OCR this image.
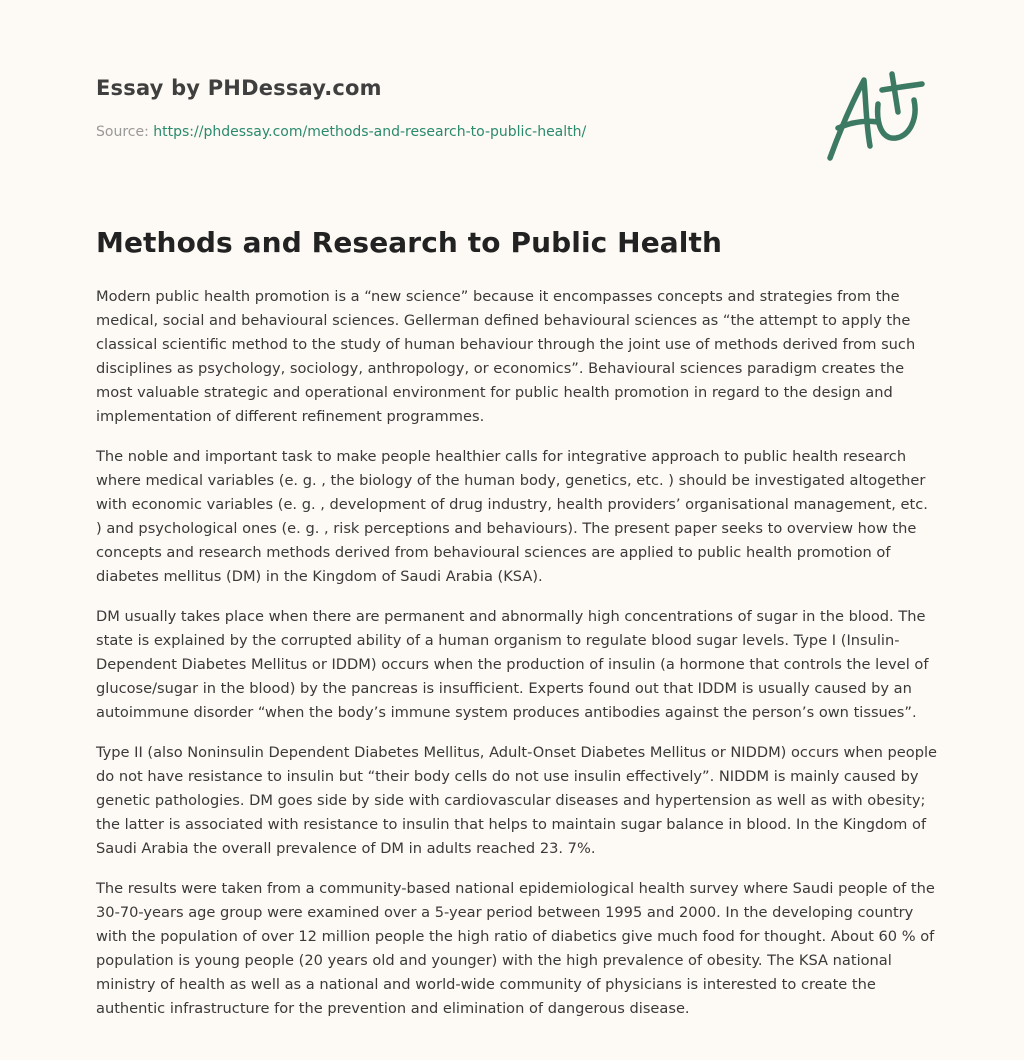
Essay by PHDessay.com
Source: https://phdessay.com/methods-and-research-to-public-health/
Methods and Research to Public Health

Modern public health promotion is a “new science” because it encompasses concepts and strategies from the medical, social and behavioural sciences. Gellerman defined behavioural sciences as “the attempt to apply the classical scientific method to the study of human behaviour through the joint use of methods derived from such disciplines as psychology, sociology, anthropology, or economics”. Behavioural sciences paradigm creates the most valuable strategic and operational environment for public health promotion in regard to the design and implementation of different refinement programmes.

The noble and important task to make people healthier calls for integrative approach to public health research where medical variables (e. g. , the biology of the human body, genetics, etc. ) should be investigated altogether with economic variables (e. g. , development of drug industry, health providers’ organisational management, etc. ) and psychological ones (e. g. , risk perceptions and behaviours). The present paper seeks to overview how the concepts and research methods derived from behavioural sciences are applied to public health promotion of diabetes mellitus (DM) in the Kingdom of Saudi Arabia (KSA).

DM usually takes place when there are permanent and abnormally high concentrations of sugar in the blood. The state is explained by the corrupted ability of a human organism to regulate blood sugar levels. Type I (Insulin-Dependent Diabetes Mellitus or IDDM) occurs when the production of insulin (a hormone that controls the level of glucose/sugar in the blood) by the pancreas is insufficient. Experts found out that IDDM is usually caused by an autoimmune disorder “when the body’s immune system produces antibodies against the person’s own tissues”.

Type II (also Noninsulin Dependent Diabetes Mellitus, Adult-Onset Diabetes Mellitus or NIDDM) occurs when people do not have resistance to insulin but “their body cells do not use insulin effectively”. NIDDM is mainly caused by genetic pathologies. DM goes side by side with cardiovascular diseases and hypertension as well as with obesity; the latter is associated with resistance to insulin that helps to maintain sugar balance in blood. In the Kingdom of Saudi Arabia the overall prevalence of DM in adults reached 23. 7%.

The results were taken from a community-based national epidemiological health survey where Saudi people of the 30-70-years age group were examined over a 5-year period between 1995 and 2000. In the developing country with the population of over 12 million people the high ratio of diabetics give much food for thought. About 60 % of population is young people (20 years old and younger) with the high prevalence of obesity. The KSA national ministry of health as well as a national and world-wide community of physicians is interested to create the authentic infrastructure for the prevention and elimination of dangerous disease.
